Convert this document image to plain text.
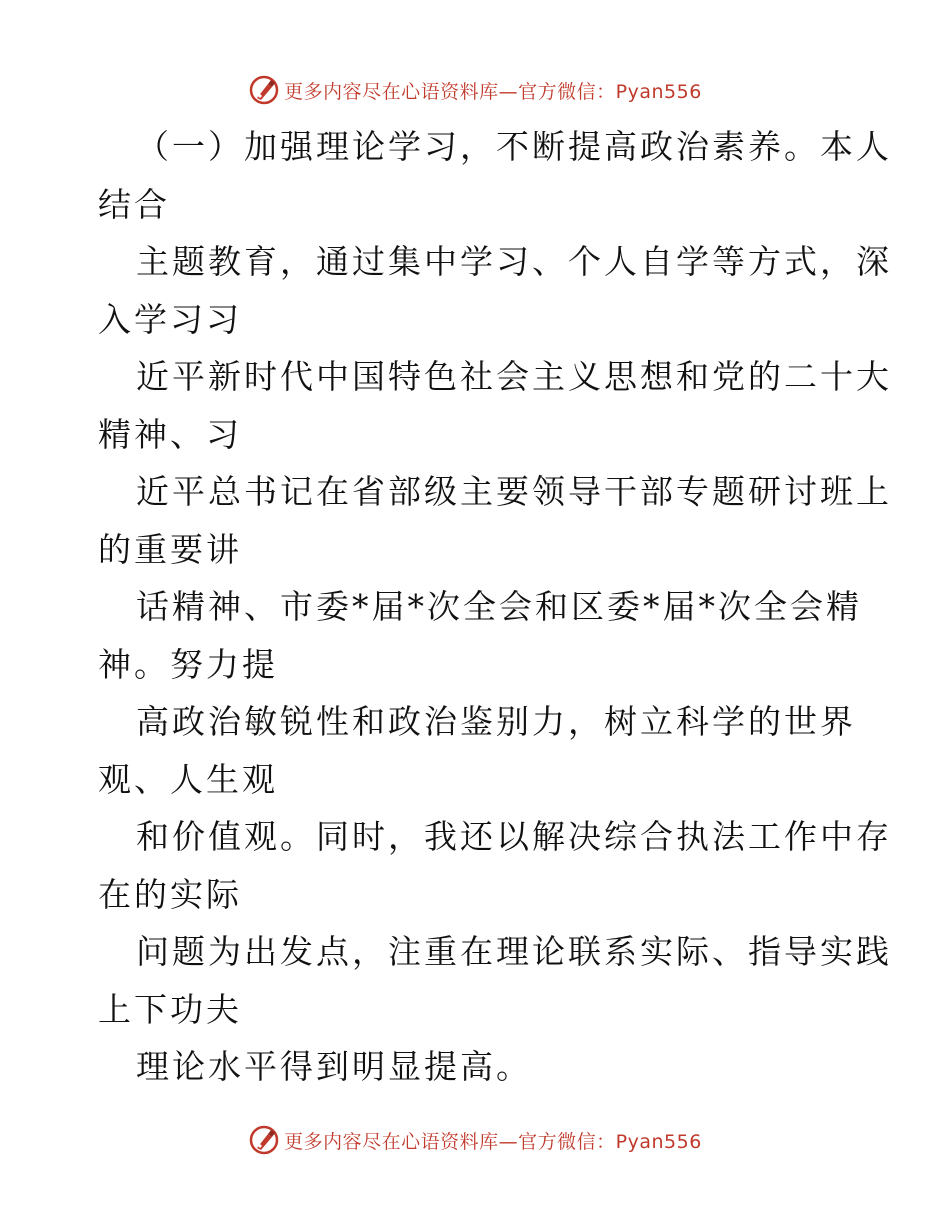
更多内容尽在心语资料库—官方微信：Pyan556
（一）加强理论学习，不断提高政治素养。本人
结合
主题教育，通过集中学习、个人自学等方式，深
入学习习
近平新时代中国特色社会主义思想和党的二十大
精神、习
近平总书记在省部级主要领导干部专题研讨班上
的重要讲
话精神、市委*届*次全会和区委*届*次全会精
神。努力提
高政治敏锐性和政治鉴别力，树立科学的世界
观、人生观
和价值观。同时，我还以解决综合执法工作中存
在的实际
问题为出发点，注重在理论联系实际、指导实践
上下功夫
理论水平得到明显提高。
更多内容尽在心语资料库—官方微信：Pyan556
